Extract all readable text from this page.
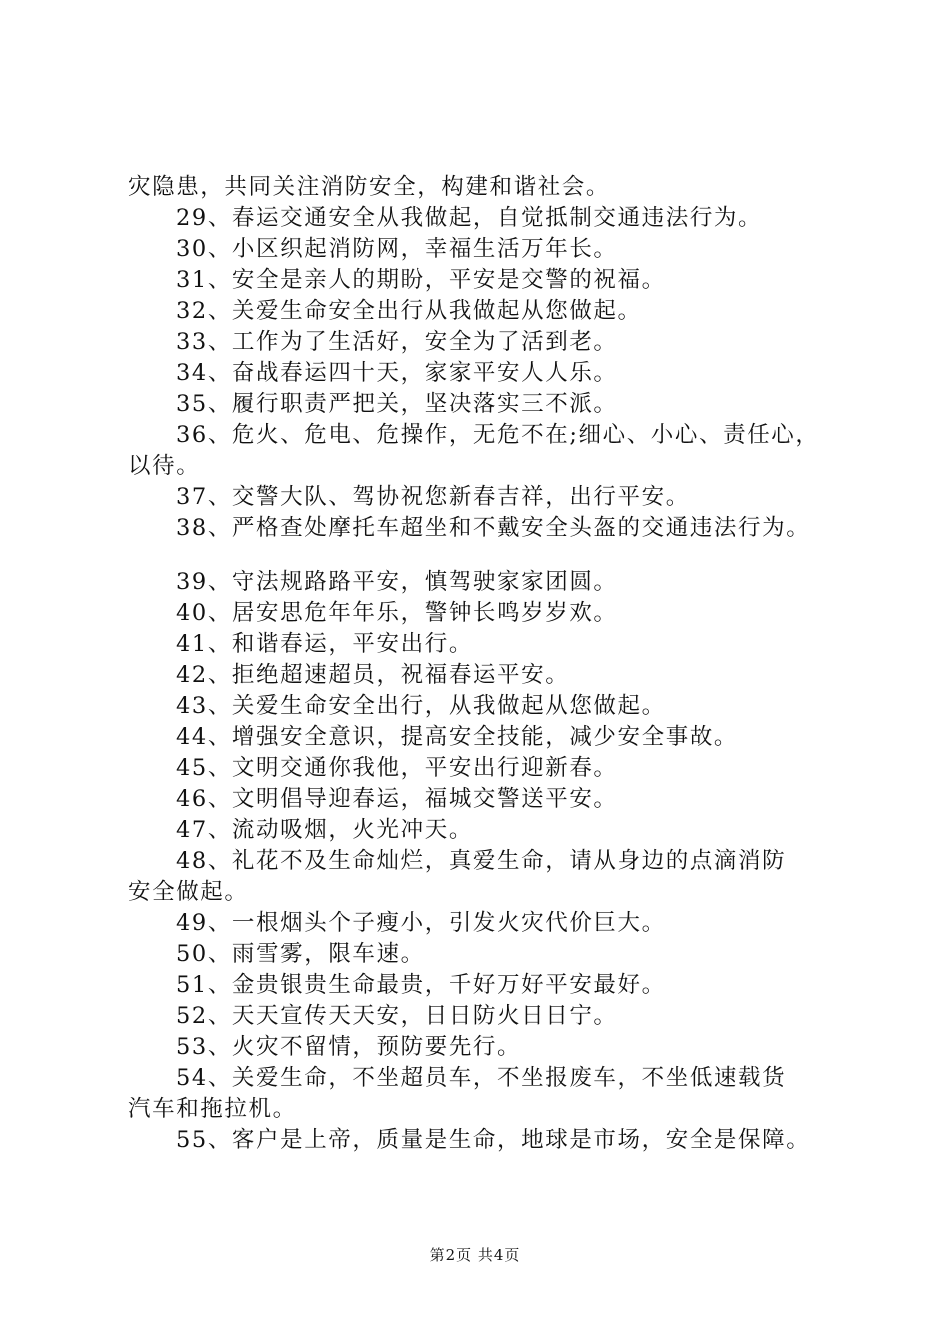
灾隐患，共同关注消防安全，构建和谐社会。
29、春运交通安全从我做起，自觉抵制交通违法行为。
30、小区织起消防网，幸福生活万年长。
31、安全是亲人的期盼，平安是交警的祝福。
32、关爱生命安全出行从我做起从您做起。
33、工作为了生活好，安全为了活到老。
34、奋战春运四十天，家家平安人人乐。
35、履行职责严把关，坚决落实三不派。
36、危火、危电、危操作，无危不在;细心、小心、责任心，
以待。
37、交警大队、驾协祝您新春吉祥，出行平安。
38、严格查处摩托车超坐和不戴安全头盔的交通违法行为。
39、守法规路路平安，慎驾驶家家团圆。
40、居安思危年年乐，警钟长鸣岁岁欢。
41、和谐春运，平安出行。
42、拒绝超速超员，祝福春运平安。
43、关爱生命安全出行，从我做起从您做起。
44、增强安全意识，提高安全技能，减少安全事故。
45、文明交通你我他，平安出行迎新春。
46、文明倡导迎春运，福城交警送平安。
47、流动吸烟，火光冲天。
48、礼花不及生命灿烂，真爱生命，请从身边的点滴消防
安全做起。
49、一根烟头个子瘦小，引发火灾代价巨大。
50、雨雪雾，限车速。
51、金贵银贵生命最贵，千好万好平安最好。
52、天天宣传天天安，日日防火日日宁。
53、火灾不留情，预防要先行。
54、关爱生命，不坐超员车，不坐报废车，不坐低速载货
汽车和拖拉机。
55、客户是上帝，质量是生命，地球是市场，安全是保障。
第2页 共4页
